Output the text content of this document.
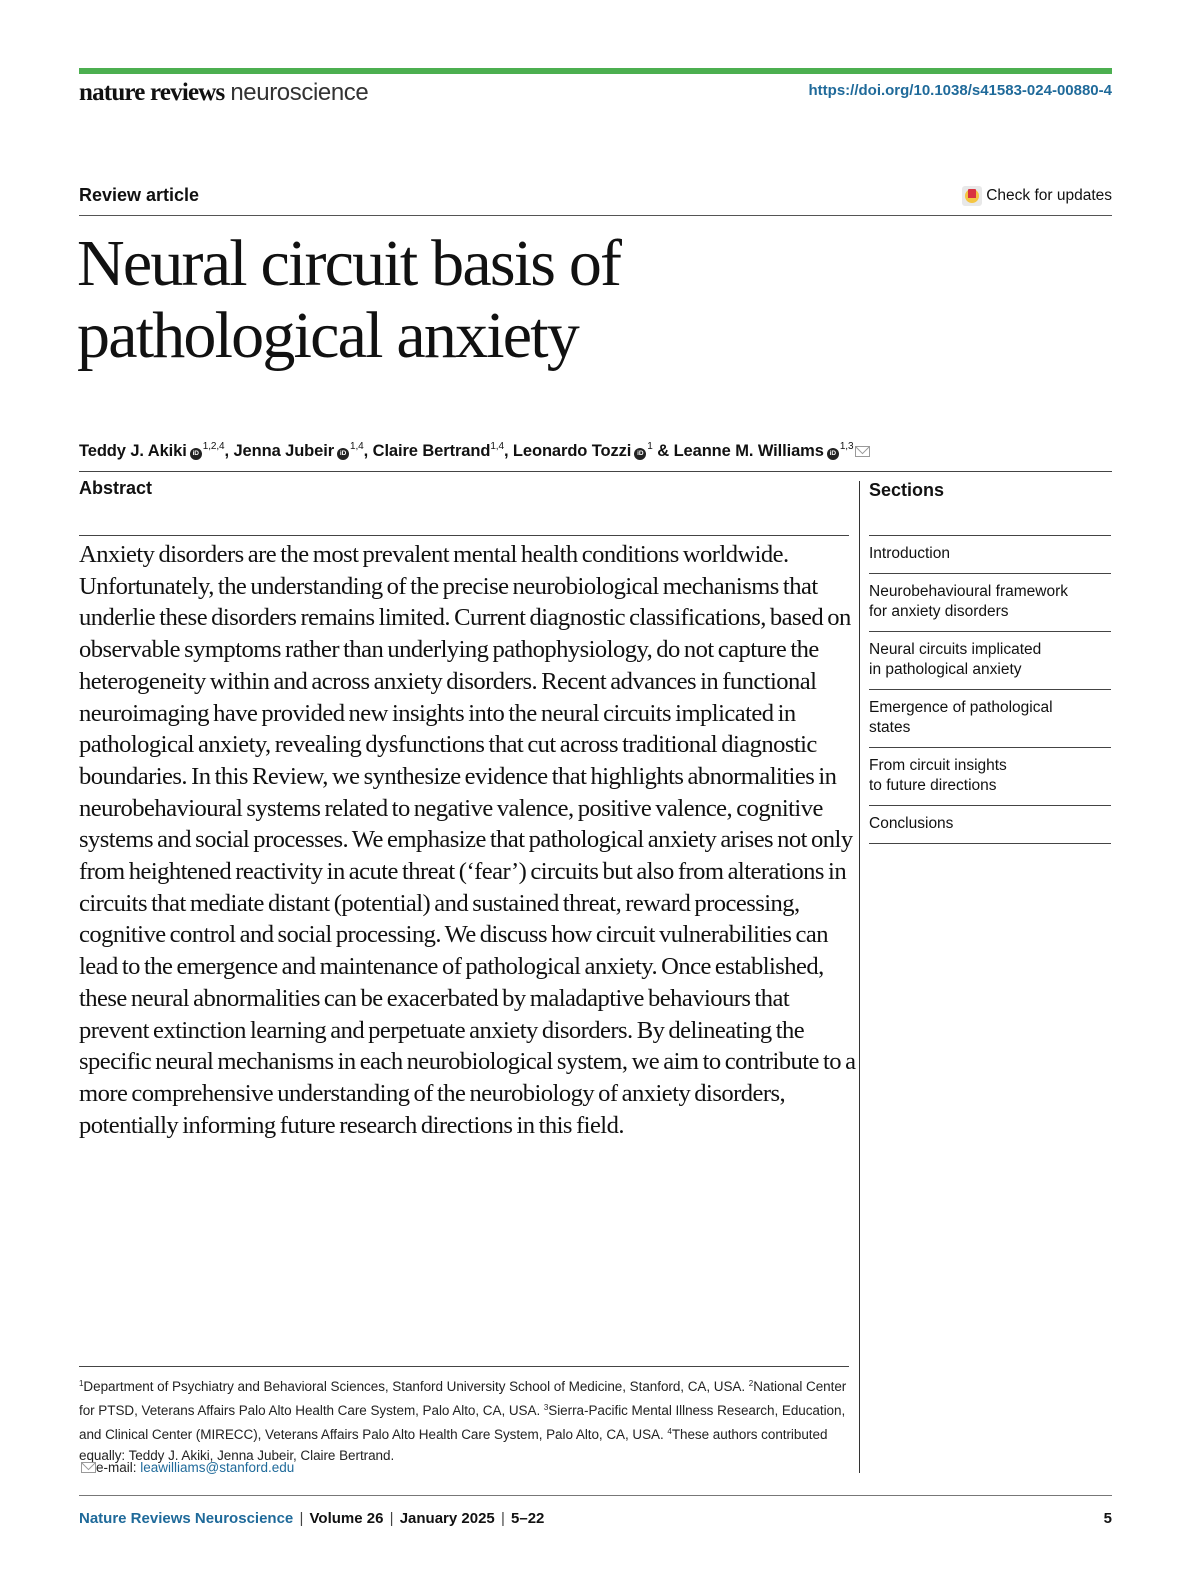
nature reviews neuroscience	https://doi.org/10.1038/s41583-024-00880-4
Review article	Check for updates
Neural circuit basis of
pathological anxiety
Teddy J. Akiki iD$^{1,2,4}$, Jenna Jubeir iD$^{1,4}$, Claire Bertrand$^{1,4}$, Leonardo Tozzi $iD^1$ & Leanne M. Williams iD$^{1,3}$
Abstract

Anxiety disorders are the most prevalent mental health conditions worldwide. Unfortunately, the understanding of the precise neurobiological mechanisms that underlie these disorders remains limited. Current diagnostic classifications, based on observable symptoms rather than underlying pathophysiology, do not capture the heterogeneity within and across anxiety disorders. Recent advances in functional neuroimaging have provided new insights into the neural circuits implicated in pathological anxiety, revealing dysfunctions that cut across traditional diagnostic boundaries. In this Review, we synthesize evidence that highlights abnormalities in neurobehavioural systems related to negative valence, positive valence, cognitive systems and social processes. We emphasize that pathological anxiety arises not only from heightened reactivity in acute threat (‘fear’) circuits but also from alterations in circuits that mediate distant (potential) and sustained threat, reward processing, cognitive control and social processing. We discuss how circuit vulnerabilities can lead to the emergence and maintenance of pathological anxiety. Once established, these neural abnormalities can be exacerbated by maladaptive behaviours that prevent extinction learning and perpetuate anxiety disorders. By delineating the specific neural mechanisms in each neurobiological system, we aim to contribute to a more comprehensive understanding of the neurobiology of anxiety disorders, potentially informing future research directions in this field.

Sections
Introduction
Neurobehavioural framework
for anxiety disorders
Neural circuits implicated
in pathological anxiety
Emergence of pathological
states
From circuit insights
to future directions
Conclusions

$^1$Department of Psychiatry and Behavioral Sciences, Stanford University School of Medicine, Stanford, CA, USA. $^2$National Center for PTSD, Veterans Affairs Palo Alto Health Care System, Palo Alto, CA, USA. $^3$Sierra-Pacific Mental Illness Research, Education, and Clinical Center (MIRECC), Veterans Affairs Palo Alto Health Care System, Palo Alto, CA, USA. $^4$These authors contributed equally: Teddy J. Akiki, Jenna Jubeir, Claire Bertrand.

e-mail: leawilliams@stanford.edu
Nature Reviews Neuroscience | Volume 26 | January 2025 | 5–22	5
